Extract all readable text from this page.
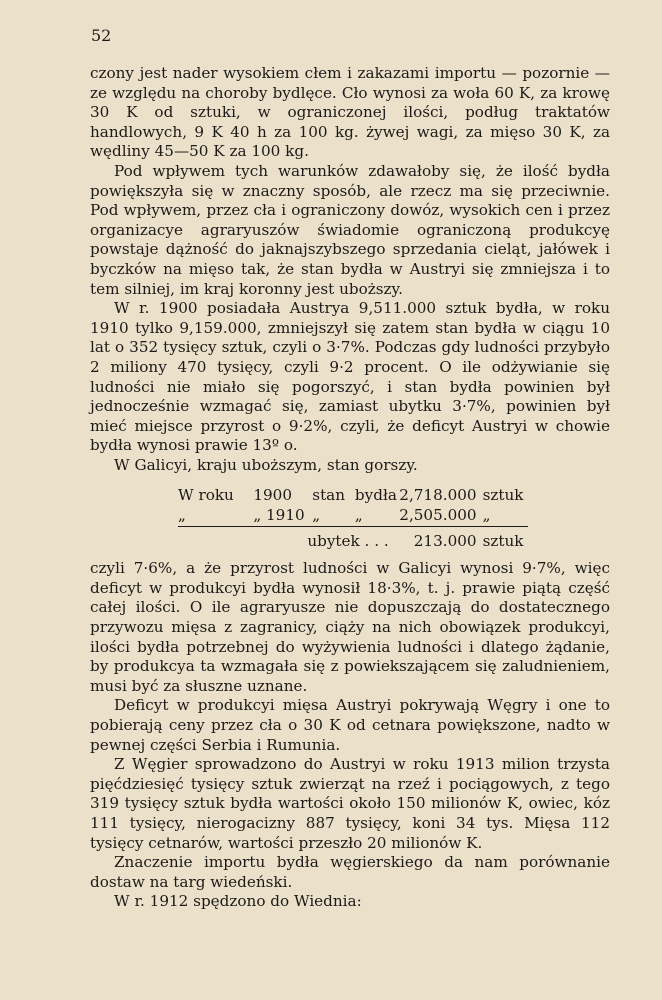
52

czony jest nader wysokiem cłem i zakazami importu — pozornie — ze względu na choroby bydlęce. Cło wynosi za woła 60 K, za krowę 30 K od sztuki, w ograniczonej ilości, podług traktatów handlowych, 9 K 40 h za 100 kg. żywej wagi, za mięso 30 K, za wędliny 45—50 K za 100 kg.

Pod wpływem tych warunków zdawałoby się, że ilość bydła powiększyła się w znaczny sposób, ale rzecz ma się przeciwnie. Pod wpływem, przez cła i ograniczony dowóz, wysokich cen i przez organizacye agraryuszów świadomie ograniczoną produkcyę powstaje dążność do jaknajszybszego sprzedania cieląt, jałówek i byczków na mięso tak, że stan bydła w Austryi się zmniejsza i to tem silniej, im kraj koronny jest uboższy.

W r. 1900 posiadała Austrya 9,511.000 sztuk bydła, w roku 1910 tylko 9,159.000, zmniejszył się zatem stan bydła w ciągu 10 lat o 352 tysięcy sztuk, czyli o 3·7%. Podczas gdy ludności przybyło 2 miliony 470 tysięcy, czyli 9·2 procent. O ile odżywianie się ludności nie miało się pogorszyć, i stan bydła powinien był jednocześnie wzmagać się, zamiast ubytku 3·7%, powinien był mieć miejsce przyrost o 9·2%, czyli, że deficyt Austryi w chowie bydła wynosi prawie 13º o.

W Galicyi, kraju uboższym, stan gorszy.

W roku	1900	stan	bydła	2,718.000	sztuk
„	„ 1910	„	„	2,505.000	„

ubytek . . .				213.000	sztuk

czyli 7·6%, a że przyrost ludności w Galicyi wynosi 9·7%, więc deficyt w produkcyi bydła wynosił 18·3%, t. j. prawie piątą część całej ilości. O ile agraryusze nie dopuszczają do dostatecznego przywozu mięsa z zagranicy, ciąży na nich obowiązek produkcyi, ilości bydła potrzebnej do wyżywienia ludności i dlatego żądanie, by produkcya ta wzmagała się z powiekszającem się zaludnieniem, musi być za słuszne uznane.

Deficyt w produkcyi mięsa Austryi pokrywają Węgry i one to pobierają ceny przez cła o 30 K od cetnara powiększone, nadto w pewnej części Serbia i Rumunia.

Z Węgier sprowadzono do Austryi w roku 1913 milion trzysta pięćdziesięć tysięcy sztuk zwierząt na rzeź i pociągowych, z tego 319 tysięcy sztuk bydła wartości około 150 milionów K, owiec, kóz 111 tysięcy, nierogacizny 887 tysięcy, koni 34 tys. Mięsa 112 tysięcy cetnarów, wartości przeszło 20 milionów K.

Znaczenie importu bydła węgierskiego da nam porównanie dostaw na targ wiedeński.

W r. 1912 spędzono do Wiednia:
